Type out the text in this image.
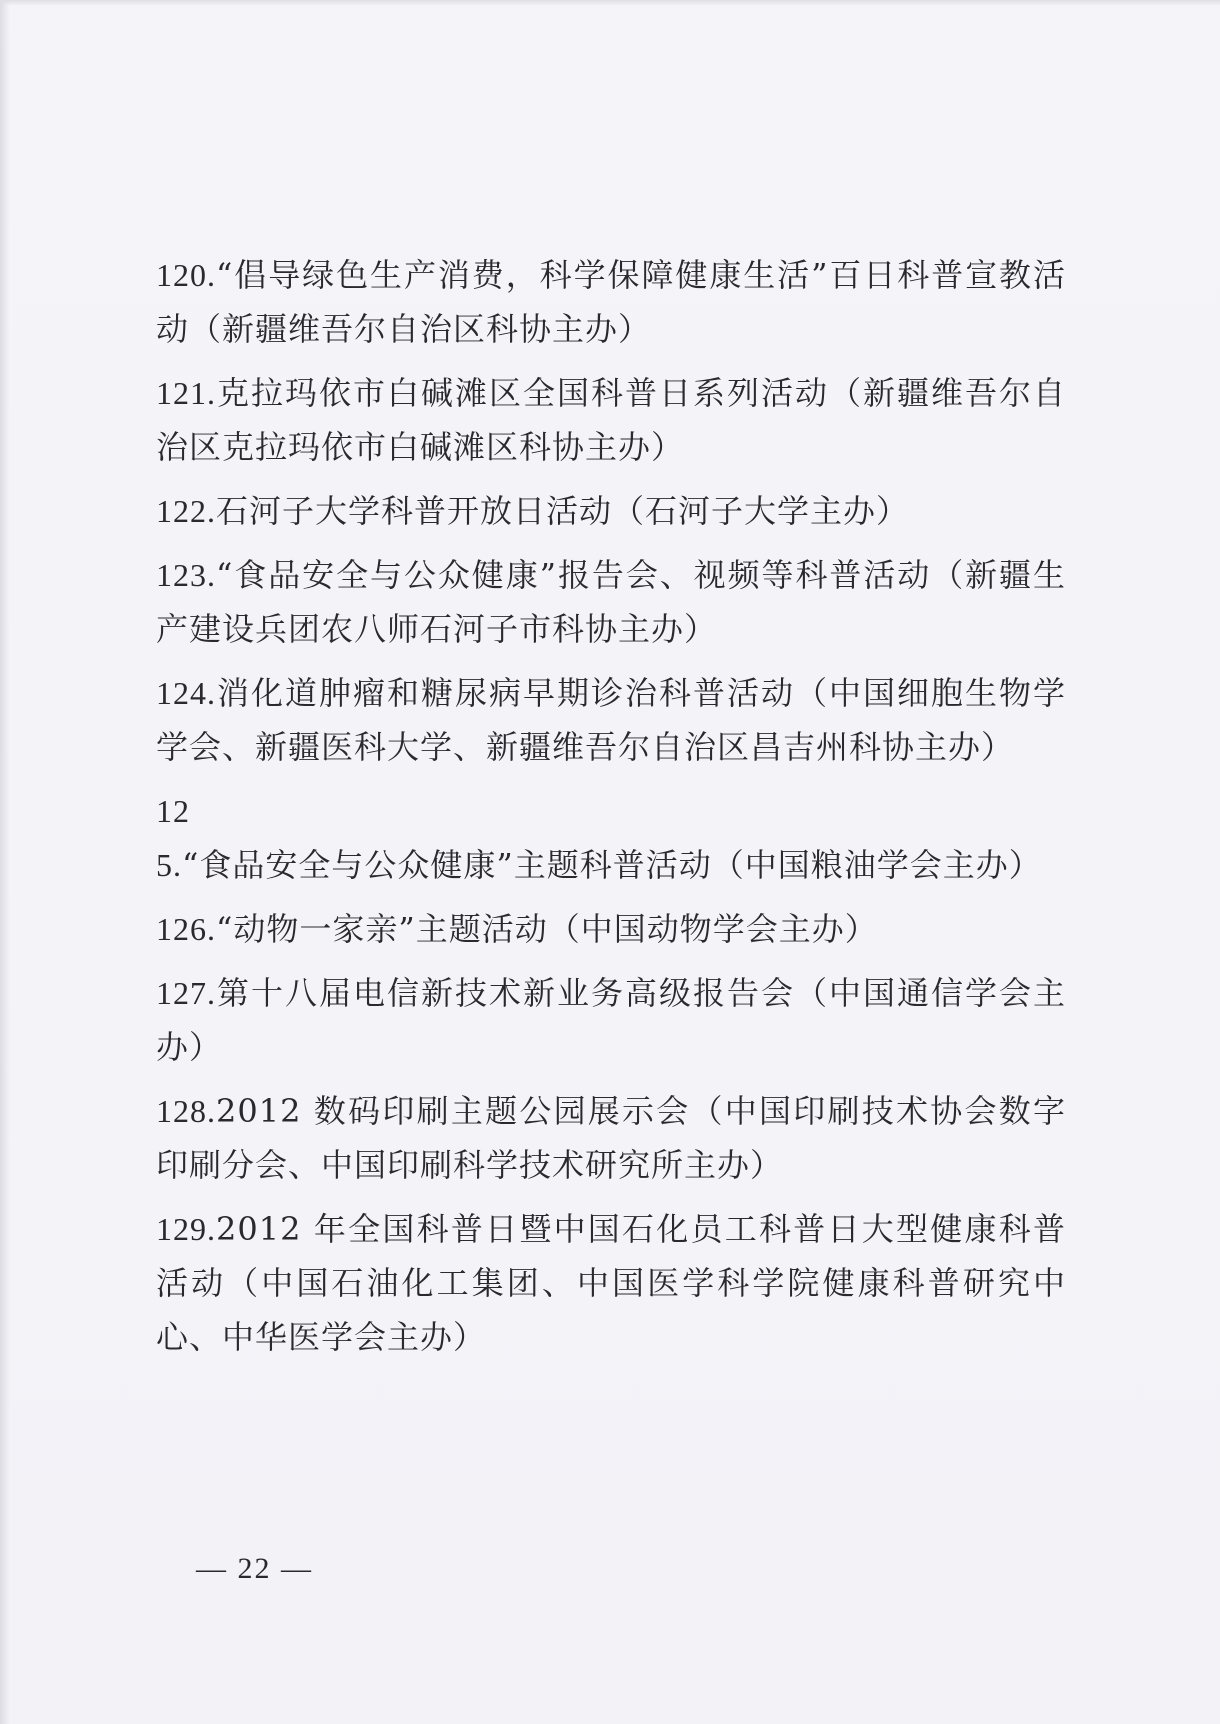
120.“倡导绿色生产消费，科学保障健康生活”百日科普宣教活动（新疆维吾尔自治区科协主办）

121.克拉玛依市白碱滩区全国科普日系列活动（新疆维吾尔自治区克拉玛依市白碱滩区科协主办）

122.石河子大学科普开放日活动（石河子大学主办）

123.“食品安全与公众健康”报告会、视频等科普活动（新疆生产建设兵团农八师石河子市科协主办）

124.消化道肿瘤和糖尿病早期诊治科普活动（中国细胞生物学学会、新疆医科大学、新疆维吾尔自治区昌吉州科协主办）

125.“食品安全与公众健康”主题科普活动（中国粮油学会主办）

126.“动物一家亲”主题活动（中国动物学会主办）

127.第十八届电信新技术新业务高级报告会（中国通信学会主办）

128.2012 数码印刷主题公园展示会（中国印刷技术协会数字印刷分会、中国印刷科学技术研究所主办）

129.2012 年全国科普日暨中国石化员工科普日大型健康科普活动（中国石油化工集团、中国医学科学院健康科普研究中心、中华医学会主办）

— 22 —
